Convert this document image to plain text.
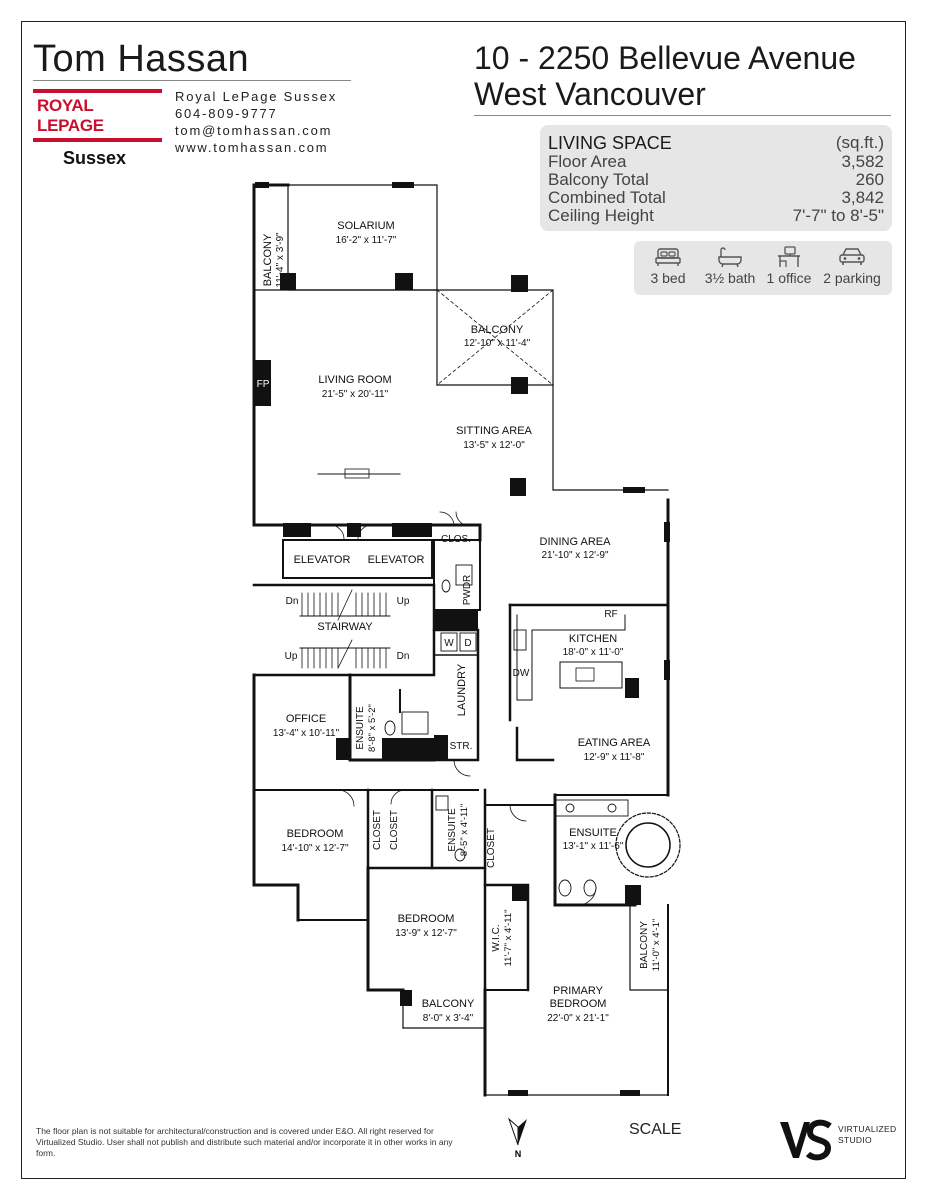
Tom Hassan
ROYAL LEPAGE
Sussex
Royal LePage Sussex
604-809-9777
tom@tomhassan.com
www.tomhassan.com
10 - 2250 Bellevue Avenue
West Vancouver
LIVING SPACE	(sq.ft.)
Floor Area	3,582
Balcony Total	260
Combined Total	3,842
Ceiling Height	7'-7" to 8'-5"
3 bed	3½ bath 1 office 2 parking
BALCONY 11'-4" x 3'-9"
SOLARIUM
16'-2" x 11'-7"
BALCONY
12'-10" x 11'-4"
FP	LIVING ROOM
21'-5" x 20'-11"
SITTING AREA
13'-5" x 12'-0"
DINING AREA
21'-10" x 12'-9"
ELEVATOR ELEVATOR
CLOS.
PWDR
Dn	Up
STAIRWAY
Up	Dn
W D
LAUNDRY
RF
KITCHEN
18'-0" x 11'-0"
DW
OFFICE
13'-4" x 10'-11" ENSUITE 8'-8" x 5'-2"	STR.	EATING AREA
12'-9" x 11'-8"
BEDROOM
14'-10" x 12'-7" CLOSET CLOSET	ENSUITE 8'-5" x 4'-11" CLOSET	ENSUITE
13'-1" x 11'-6"
BEDROOM
13'-9" x 12'-7"	W.I.C. 11'-7" x 4'-11"	BALCONY 11'-0" x 4'-1"
PRIMARY
BEDROOM
22'-0" x 21'-1"
BALCONY
8'-0" x 3'-4"
The floor plan is not suitable for architectural/construction and is covered under E&O. All right reserved for Virtualized Studio. User shall not publish and distribute such material and/or incorporate it in other works in any form.	N
SCALE	VIRTUALIZED
STUDIO
